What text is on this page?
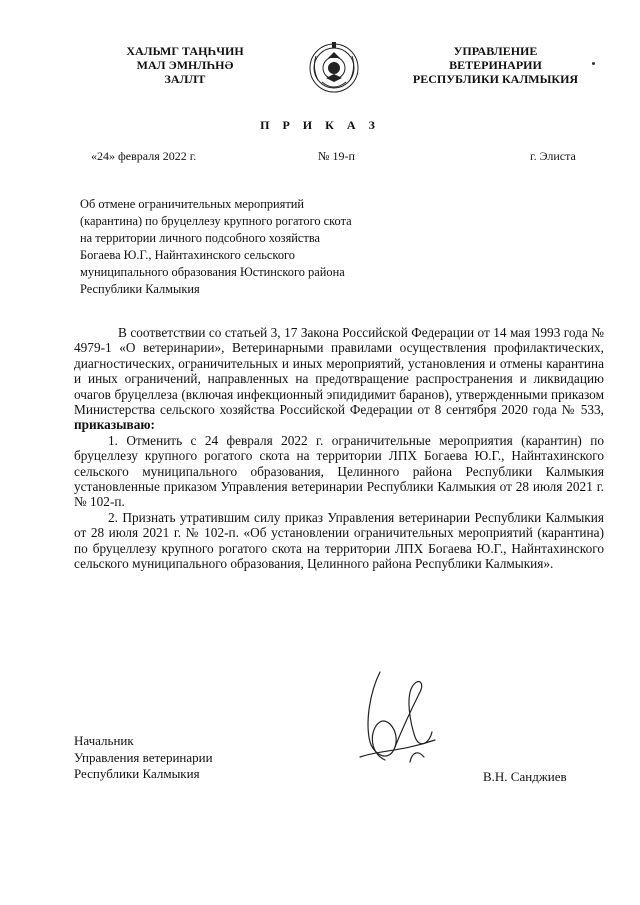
ХАЛЬМГ ТАҢҺЧИН
МАЛ ЭМНЛҺНӘ
ЗАЛЛТ
УПРАВЛЕНИЕ
ВЕТЕРИНАРИИ
РЕСПУБЛИКИ КАЛМЫКИЯ
П Р И К А З
«24» февраля 2022 г.	№ 19-п	г. Элиста
Об отмене ограничительных мероприятий
(карантина) по бруцеллезу крупного рогатого скота
на территории личного подсобного хозяйства
Богаева Ю.Г., Найнтахинского сельского
муниципального образования Юстинского района
Республики Калмыкия

В соответствии со статьей 3, 17 Закона Российской Федерации от 14 мая 1993 года № 4979-1 «О ветеринарии», Ветеринарными правилами осуществления профилактических, диагностических, ограничительных и иных мероприятий, установления и отмены карантина и иных ограничений, направленных на предотвращение распространения и ликвидацию очагов бруцеллеза (включая инфекционный эпидидимит баранов), утвержденными приказом Министерства сельского хозяйства Российской Федерации от 8 сентября 2020 года № 533, приказываю:

1. Отменить с 24 февраля 2022 г. ограничительные мероприятия (карантин) по бруцеллезу крупного рогатого скота на территории ЛПХ Богаева Ю.Г., Найнтахинского сельского муниципального образования, Целинного района Республики Калмыкия установленные приказом Управления ветеринарии Республики Калмыкия от 28 июля 2021 г. № 102-п.

2. Признать утратившим силу приказ Управления ветеринарии Республики Калмыкия от 28 июля 2021 г. № 102-п. «Об установлении ограничительных мероприятий (карантина) по бруцеллезу крупного рогатого скота на территории ЛПХ Богаева Ю.Г., Найнтахинского сельского муниципального образования, Целинного района Республики Калмыкия».

Начальник
Управления ветеринарии
Республики Калмыкия	В.Н. Санджиев
